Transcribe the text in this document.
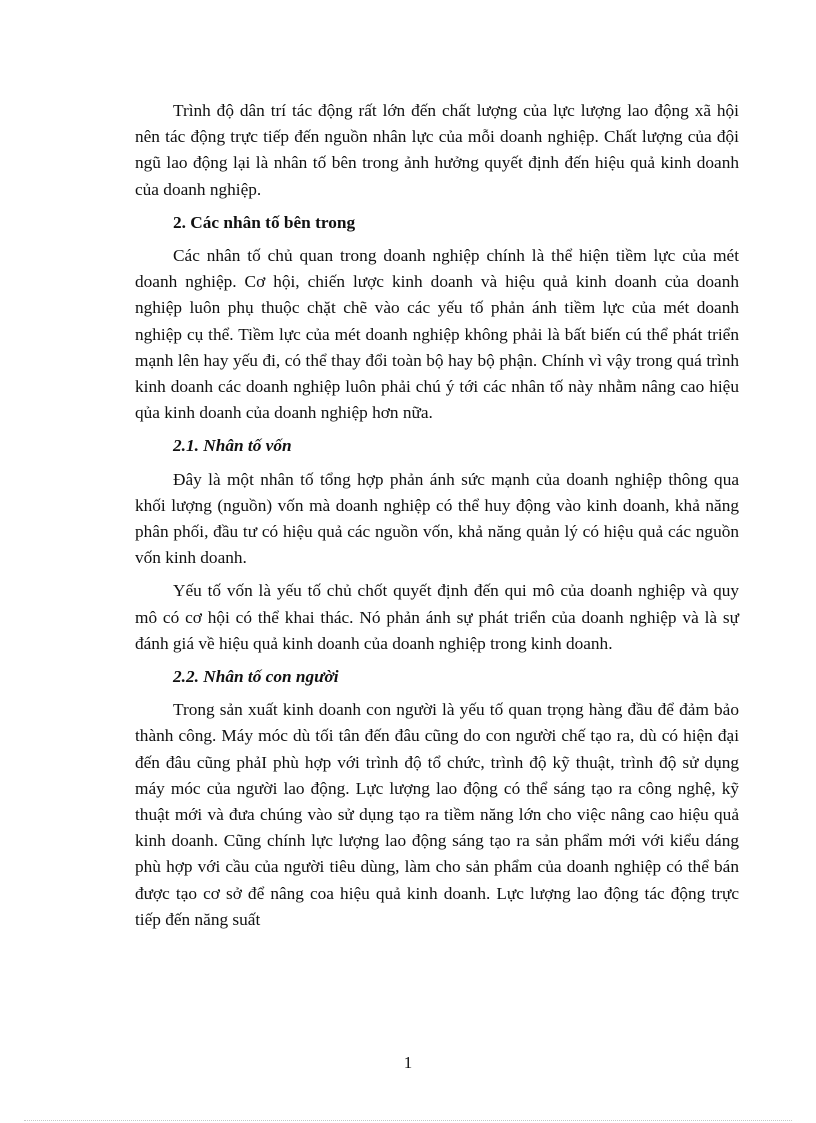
Trình độ dân trí tác động rất lớn đến chất lượng của lực lượng lao động xã hội nên tác động trực tiếp đến nguồn nhân lực của mỗi doanh nghiệp. Chất lượng của đội ngũ lao động lại là nhân tố bên trong ảnh hưởng quyết định đến hiệu quả kinh doanh của doanh nghiệp.

2. Các nhân tố bên trong

Các nhân tố chủ quan trong doanh nghiệp chính là thể hiện tiềm lực của mét doanh nghiệp. Cơ hội, chiến lược kinh doanh và hiệu quả kinh doanh của doanh nghiệp luôn phụ thuộc chặt chẽ vào các yếu tố phản ánh tiềm lực của mét doanh nghiệp cụ thể. Tiềm lực của mét doanh nghiệp không phải là bất biến cú thể phát triển mạnh lên hay yếu đi, có thể thay đổi toàn bộ hay bộ phận. Chính vì vậy trong quá trình kinh doanh các doanh nghiệp luôn phải chú ý tới các nhân tố này nhằm nâng cao hiệu qủa kinh doanh của doanh nghiệp hơn nữa.

2.1. Nhân tố vốn

Đây là một nhân tố tổng hợp phản ánh sức mạnh của doanh nghiệp thông qua khối lượng (nguồn) vốn mà doanh nghiệp có thể huy động vào kinh doanh, khả năng phân phối, đầu tư có hiệu quả các nguồn vốn, khả năng quản lý có hiệu quả các nguồn vốn kinh doanh.

Yếu tố vốn là yếu tố chủ chốt quyết định đến qui mô của doanh nghiệp và quy mô có cơ hội có thể khai thác. Nó phản ánh sự phát triển của doanh nghiệp và là sự đánh giá về hiệu quả kinh doanh của doanh nghiệp trong kinh doanh.

2.2. Nhân tố con người

Trong sản xuất kinh doanh con người là yếu tố quan trọng hàng đầu để đảm bảo thành công. Máy móc dù tối tân đến đâu cũng do con người chế tạo ra, dù có hiện đại đến đâu cũng phảI phù hợp với trình độ tổ chức, trình độ kỹ thuật, trình độ sử dụng máy móc của người lao động. Lực lượng lao động có thể sáng tạo ra công nghệ, kỹ thuật mới và đưa chúng vào sử dụng tạo ra tiềm năng lớn cho việc nâng cao hiệu quả kinh doanh. Cũng chính lực lượng lao động sáng tạo ra sản phẩm mới với kiểu dáng phù hợp với cầu của người tiêu dùng, làm cho sản phẩm của doanh nghiệp có thể bán được tạo cơ sở để nâng coa hiệu quả kinh doanh. Lực lượng lao động tác động trực tiếp đến năng suất

1
